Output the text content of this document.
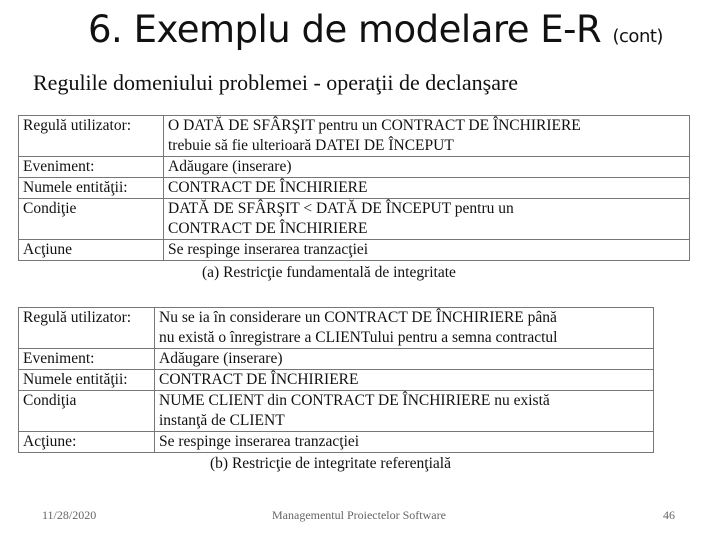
6. Exemplu de modelare E-R (cont)
Regulile domeniului problemei - operaţii de declanşare
Regulă utilizator:	O DATĂ DE SFÂRŞIT pentru un CONTRACT DE ÎNCHIRIERE
trebuie să fie ulterioară DATEI DE ÎNCEPUT

Eveniment:	Adăugare (inserare)
Numele entităţii:	CONTRACT DE ÎNCHIRIERE
Condiţie	DATĂ DE SFÂRŞIT < DATĂ DE ÎNCEPUT pentru un
CONTRACT DE ÎNCHIRIERE

Acţiune	Se respinge inserarea tranzacţiei
(a) Restricţie fundamentală de integritate
Regulă utilizator:	Nu se ia în considerare un CONTRACT DE ÎNCHIRIERE până
nu există o înregistrare a CLIENTului pentru a semna contractul

Eveniment:	Adăugare (inserare)
Numele entităţii:	CONTRACT DE ÎNCHIRIERE
Condiţia	NUME CLIENT din CONTRACT DE ÎNCHIRIERE nu există
instanţă de CLIENT

Acţiune:	Se respinge inserarea tranzacţiei
(b) Restricţie de integritate referenţială
11/28/2020	Managementul Proiectelor Software	46
